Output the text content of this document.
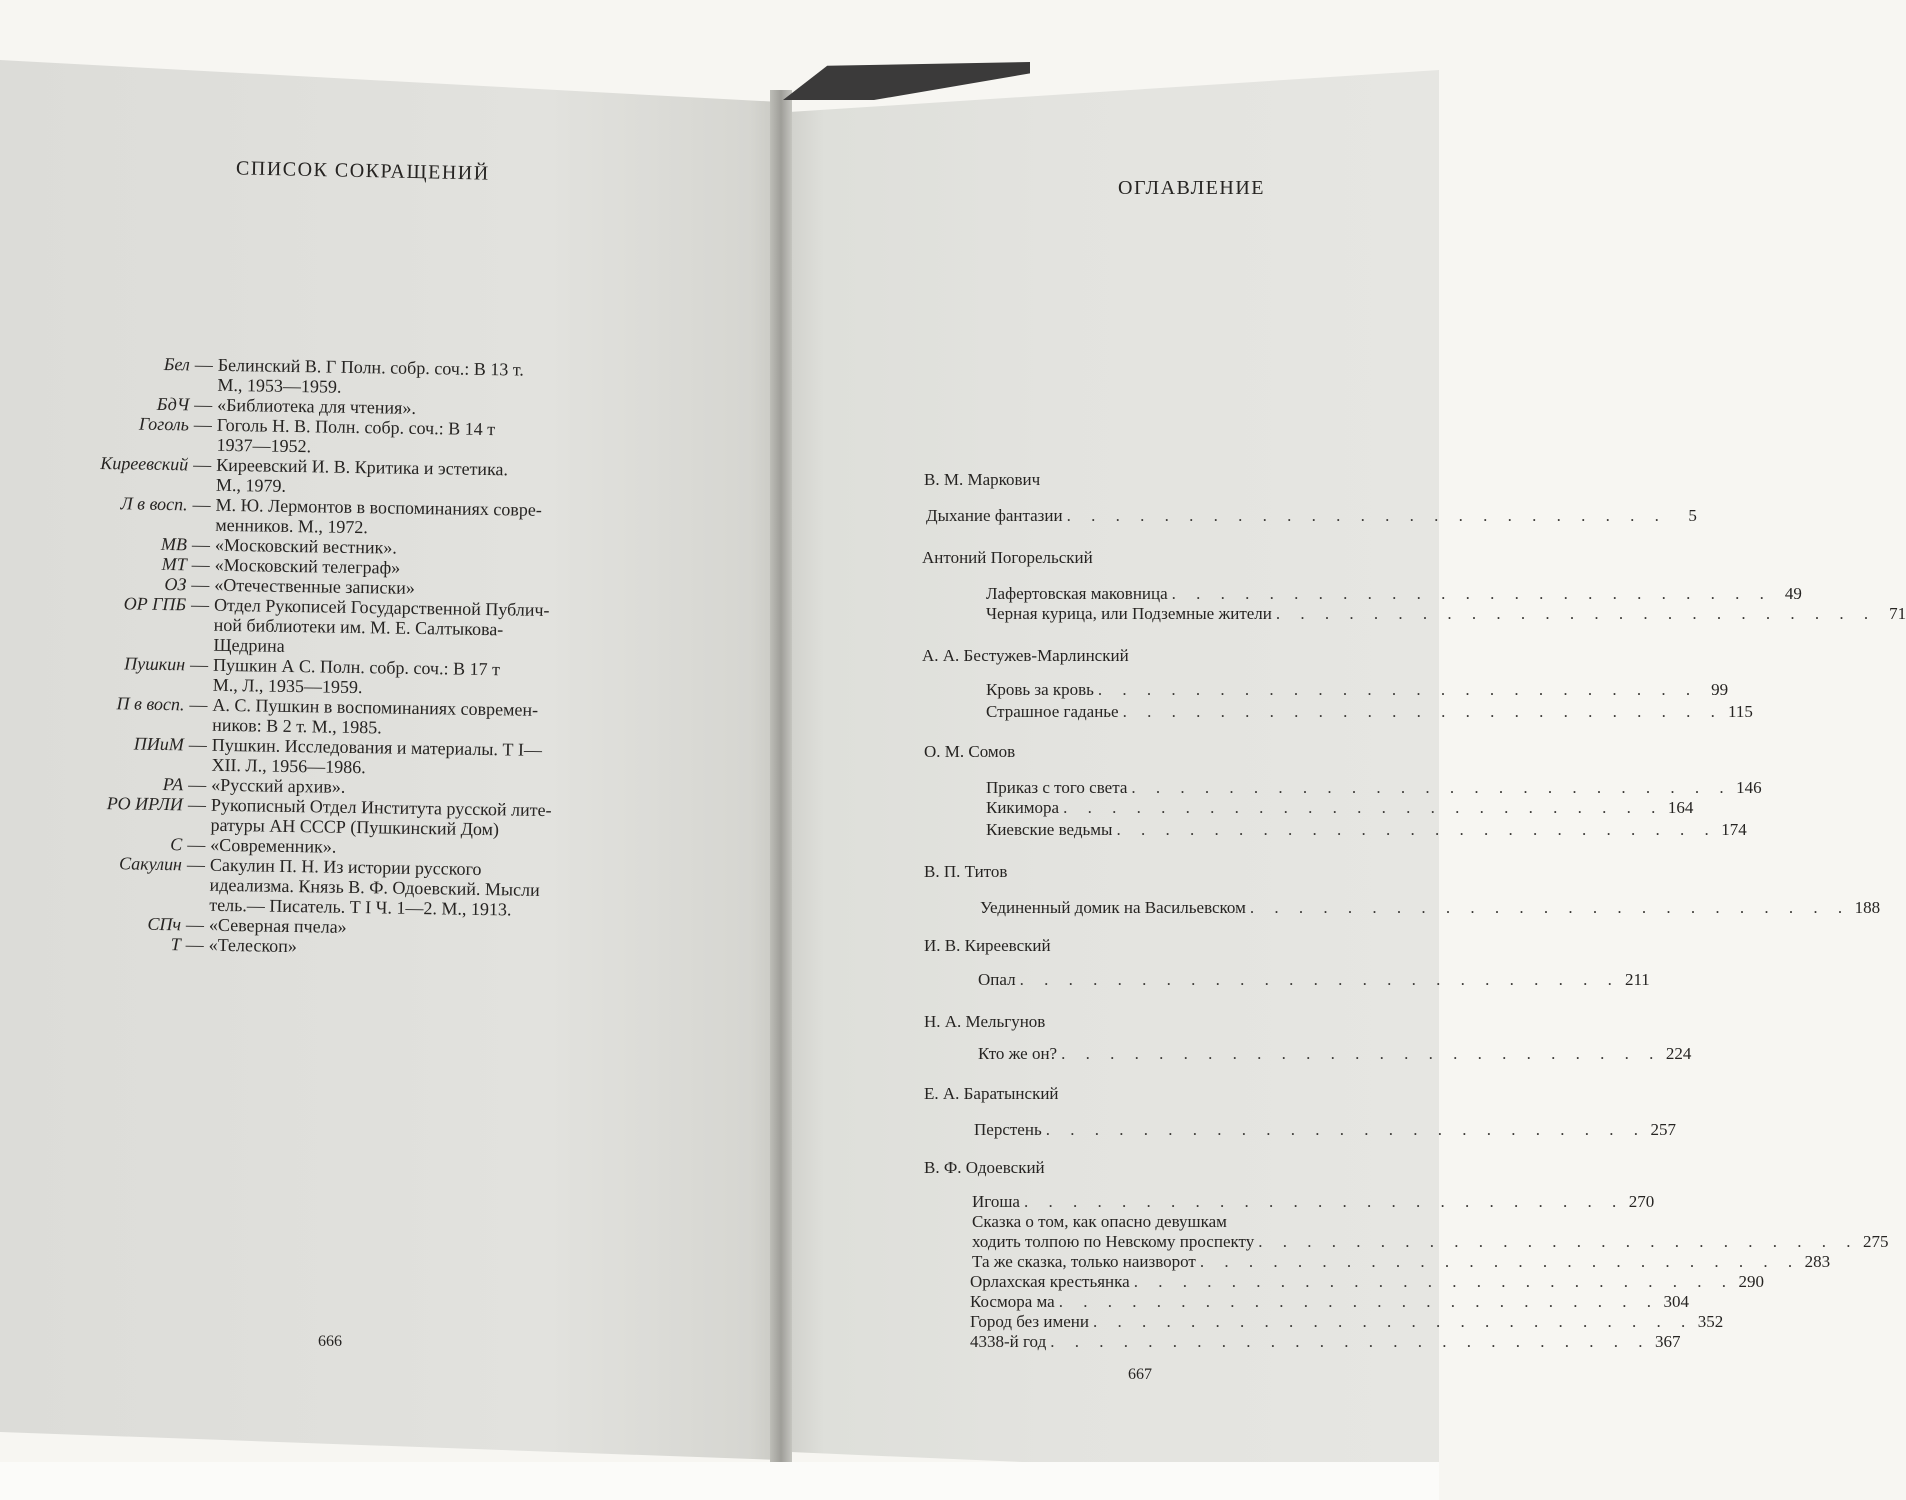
СПИСОК СОКРАЩЕНИЙ
Бел — Белинский В. Г Полн. собр. соч.: В 13 т.
М., 1953—1959.
БдЧ — «Библиотека для чтения».
Гоголь — Гоголь Н. В. Полн. собр. соч.: В 14 т
1937—1952.
Киреевский — Киреевский И. В. Критика и эстетика.
М., 1979.
Л в восп. — М. Ю. Лермонтов в воспоминаниях совре-
менников. М., 1972.
МВ — «Московский вестник».
МТ — «Московский телеграф»
ОЗ — «Отечественные записки»
ОР ГПБ — Отдел Рукописей Государственной Публич-
ной библиотеки им. М. Е. Салтыкова-
Щедрина
Пушкин — Пушкин А С. Полн. собр. соч.: В 17 т
М., Л., 1935—1959.
П в восп. — А. С. Пушкин в воспоминаниях современ-
ников: В 2 т. М., 1985.
ПИиМ — Пушкин. Исследования и материалы. Т I—
XII. Л., 1956—1986.
РА — «Русский архив».
РО ИРЛИ — Рукописный Отдел Института русской лите-
ратуры АН СССР (Пушкинский Дом)
С — «Современник».
Сакулин — Сакулин П. Н. Из истории русского
идеализма. Князь В. Ф. Одоевский. Мысли
тель.— Писатель. Т I Ч. 1—2. М., 1913.
СПч — «Северная пчела»
Т — «Телескоп»
666
ОГЛАВЛЕНИЕ
В. М. Маркович
Антоний Погорельский
А. А. Бестужев-Марлинский
О. М. Сомов
В. П. Титов
И. В. Киреевский
Н. А. Мельгунов
Е. А. Баратынский
В. Ф. Одоевский
Дыхание фантазии . . . . . . . . . . . . . . . . . . . . . . . . .	5
Лафертовская маковница . . . . . . . . . . . . . . . . . . . . . . . . . 49
Черная курица, или Подземные жители . . . . . . . . . . . . . . . . . . . . . . . . . 71
Кровь за кровь . . . . . . . . . . . . . . . . . . . . . . . . . 99
Страшное гаданье . . . . . . . . . . . . . . . . . . . . . . . . . 115
Приказ с того света . . . . . . . . . . . . . . . . . . . . . . . . . 146
Кикимора . . . . . . . . . . . . . . . . . . . . . . . . . 164
Киевские ведьмы . . . . . . . . . . . . . . . . . . . . . . . . . 174
Уединенный домик на Васильевском . . . . . . . . . . . . . . . . . . . . . . . . . 188
Опал . . . . . . . . . . . . . . . . . . . . . . . . . 211
Кто же он? . . . . . . . . . . . . . . . . . . . . . . . . . 224
Перстень . . . . . . . . . . . . . . . . . . . . . . . . . 257
Игоша . . . . . . . . . . . . . . . . . . . . . . . . . 270
Сказка о том, как опасно девушкам
ходить толпою по Невскому проспекту . . . . . . . . . . . . . . . . . . . . . . . . . 275
Та же сказка, только наизворот . . . . . . . . . . . . . . . . . . . . . . . . . 283
Орлахская крестьянка . . . . . . . . . . . . . . . . . . . . . . . . . 290
Космора ма . . . . . . . . . . . . . . . . . . . . . . . . . 304
Город без имени . . . . . . . . . . . . . . . . . . . . . . . . . 352
4338-й год . . . . . . . . . . . . . . . . . . . . . . . . . 367
667
